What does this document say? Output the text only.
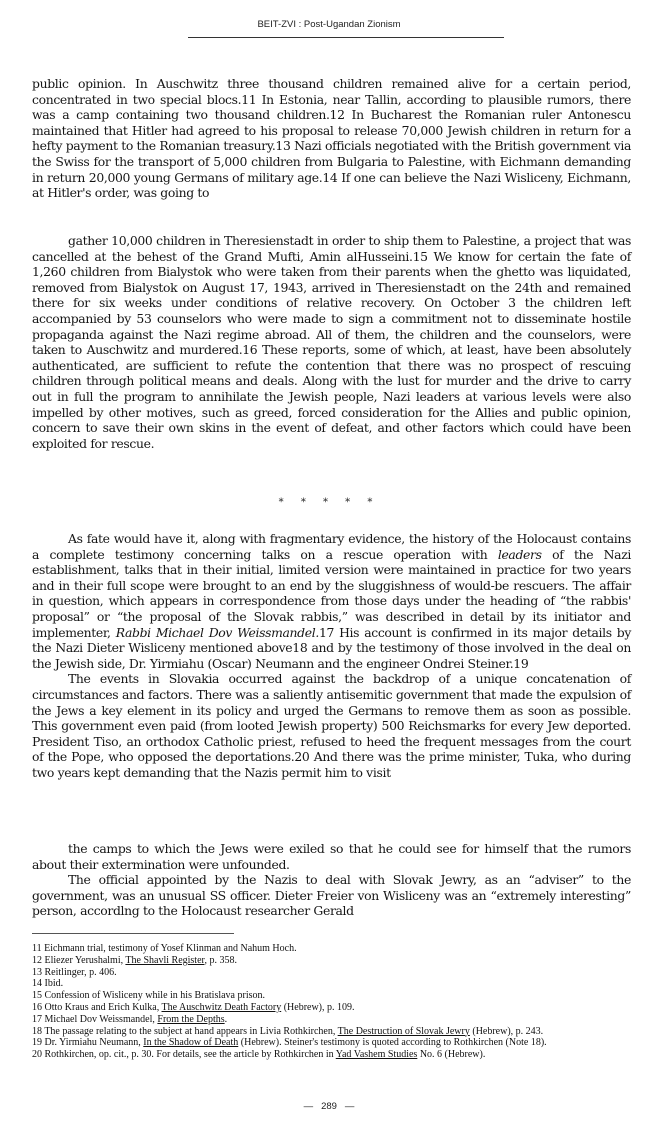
BEIT-ZVI : Post-Ugandan Zionism

public opinion. In Auschwitz three thousand children remained alive for a certain period, concentrated in two special blocs.11 In Estonia, near Tallin, according to plausible rumors, there was a camp containing two thousand children.12 In Bucharest the Romanian ruler Antonescu maintained that Hitler had agreed to his proposal to release 70,000 Jewish children in return for a hefty payment to the Romanian treasury.13 Nazi officials negotiated with the British government via the Swiss for the transport of 5,000 children from Bulgaria to Palestine, with Eichmann demanding in return 20,000 young Germans of military age.14 If one can believe the Nazi Wisliceny, Eichmann, at Hitler's order, was going to

gather 10,000 children in Theresienstadt in order to ship them to Palestine, a project that was cancelled at the behest of the Grand Mufti, Amin alHusseini.15 We know for certain the fate of 1,260 children from Bialystok who were taken from their parents when the ghetto was liquidated, removed from Bialystok on August 17, 1943, arrived in Theresienstadt on the 24th and remained there for six weeks under conditions of relative recovery. On October 3 the children left accompanied by 53 counselors who were made to sign a commitment not to disseminate hostile propaganda against the Nazi regime abroad. All of them, the children and the counselors, were taken to Auschwitz and murdered.16 These reports, some of which, at least, have been absolutely authenticated, are sufficient to refute the contention that there was no prospect of rescuing children through political means and deals. Along with the lust for murder and the drive to carry out in full the program to annihilate the Jewish people, Nazi leaders at various levels were also impelled by other motives, such as greed, forced consideration for the Allies and public opinion, concern to save their own skins in the event of defeat, and other factors which could have been exploited for rescue.

* * * * *

As fate would have it, along with fragmentary evidence, the history of the Holocaust contains a complete testimony concerning talks on a rescue operation with leaders of the Nazi establishment, talks that in their initial, limited version were maintained in practice for two years and in their full scope were brought to an end by the sluggishness of would-be rescuers. The affair in question, which appears in correspondence from those days under the heading of “the rabbis' proposal” or “the proposal of the Slovak rabbis,” was described in detail by its initiator and implementer, Rabbi Michael Dov Weissmandel.17 His account is confirmed in its major details by the Nazi Dieter Wisliceny mentioned above18 and by the testimony of those involved in the deal on the Jewish side, Dr. Yirmiahu (Oscar) Neumann and the engineer Ondrei Steiner.19

The events in Slovakia occurred against the backdrop of a unique concatenation of circumstances and factors. There was a saliently antisemitic government that made the expulsion of the Jews a key element in its policy and urged the Germans to remove them as soon as possible. This government even paid (from looted Jewish property) 500 Reichsmarks for every Jew deported. President Tiso, an orthodox Catholic priest, refused to heed the frequent messages from the court of the Pope, who opposed the deportations.20 And there was the prime minister, Tuka, who during two years kept demanding that the Nazis permit him to visit

the camps to which the Jews were exiled so that he could see for himself that the rumors about their extermination were unfounded.

The official appointed by the Nazis to deal with Slovak Jewry, as an “adviser” to the government, was an unusual SS officer. Dieter Freier von Wisliceny was an “extremely interesting” person, accordlng to the Holocaust researcher Gerald

11 Eichmann trial, testimony of Yosef Klinman and Nahum Hoch.
12 Eliezer Yerushalmi, The Shavli Register, p. 358.
13 Reitlinger, p. 406.
14 Ibid.
15 Confession of Wisliceny while in his Bratislava prison.
16 Otto Kraus and Erich Kulka, The Auschwitz Death Factory (Hebrew), p. 109.
17 Michael Dov Weissmandel, From the Depths.
18 The passage relating to the subject at hand appears in Livia Rothkirchen, The Destruction of Slovak Jewry (Hebrew), p. 243.
19 Dr. Yirmiahu Neumann, In the Shadow of Death (Hebrew). Steiner's testimony is quoted according to Rothkirchen (Note 18).
20 Rothkirchen, op. cit., p. 30. For details, see the article by Rothkirchen in Yad Vashem Studies No. 6 (Hebrew).
—   289   —
